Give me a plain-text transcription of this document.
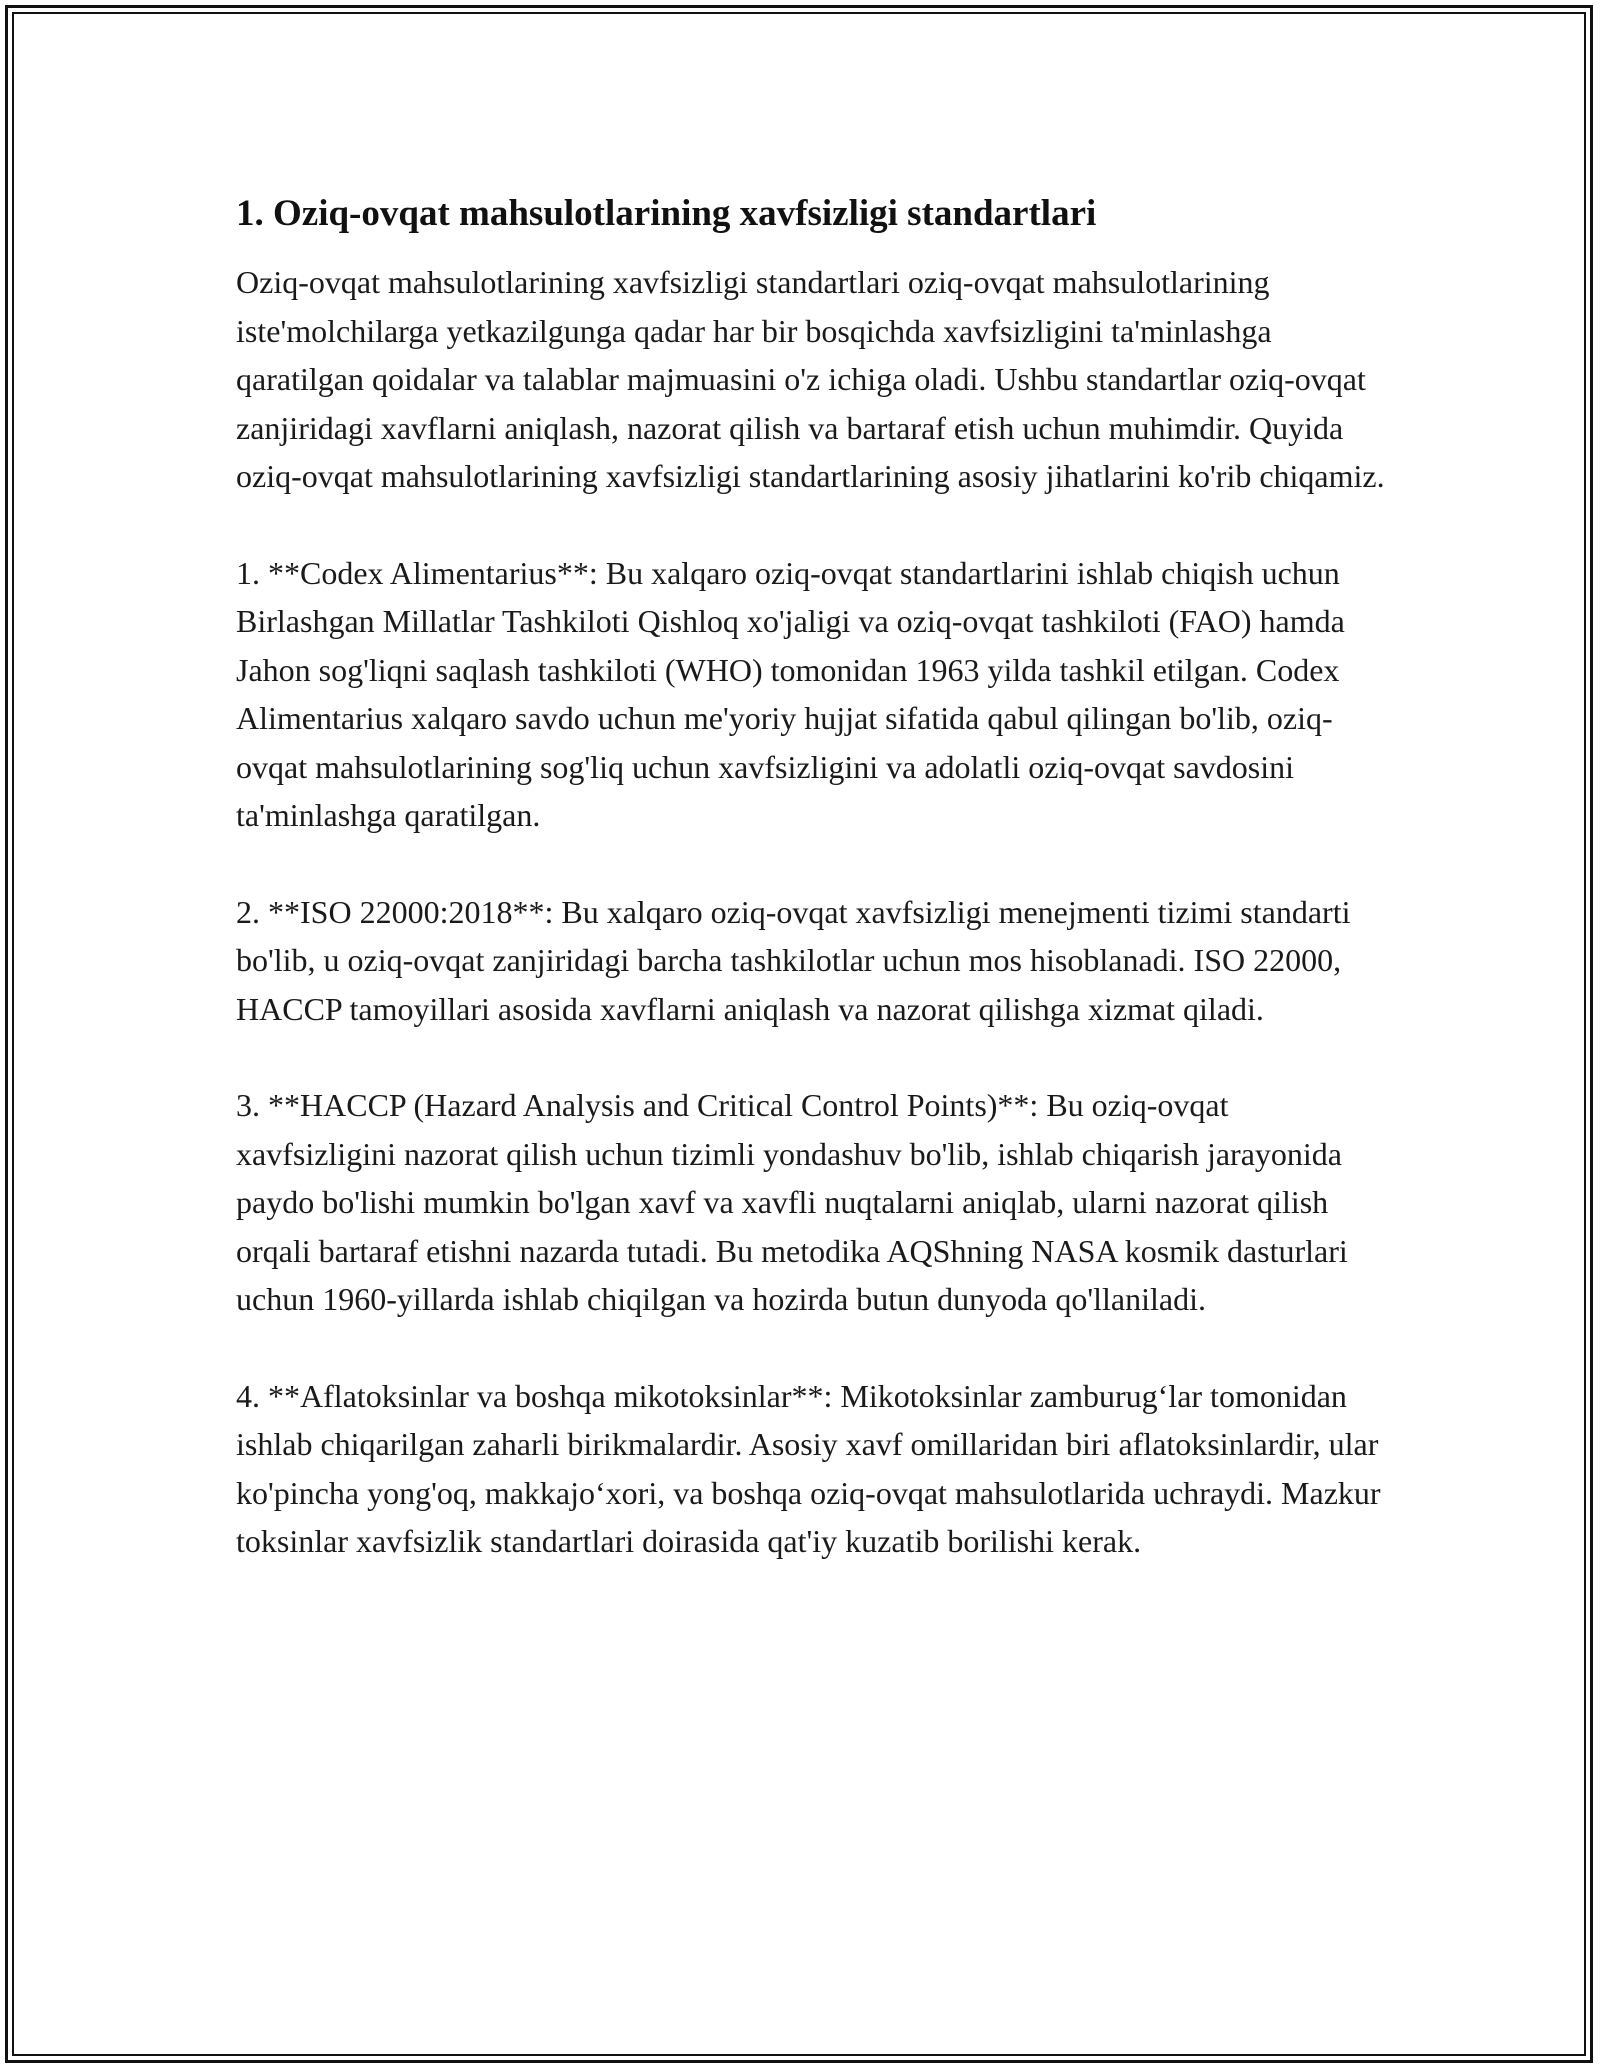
1. Oziq-ovqat mahsulotlarining xavfsizligi standartlari

Oziq-ovqat mahsulotlarining xavfsizligi standartlari oziq-ovqat mahsulotlarining iste'molchilarga yetkazilgunga qadar har bir bosqichda xavfsizligini ta'minlashga qaratilgan qoidalar va talablar majmuasini o'z ichiga oladi. Ushbu standartlar oziq-ovqat zanjiridagi xavflarni aniqlash, nazorat qilish va bartaraf etish uchun muhimdir. Quyida oziq-ovqat mahsulotlarining xavfsizligi standartlarining asosiy jihatlarini ko'rib chiqamiz.

1. **Codex Alimentarius**: Bu xalqaro oziq-ovqat standartlarini ishlab chiqish uchun Birlashgan Millatlar Tashkiloti Qishloq xo'jaligi va oziq-ovqat tashkiloti (FAO) hamda Jahon sog'liqni saqlash tashkiloti (WHO) tomonidan 1963 yilda tashkil etilgan. Codex Alimentarius xalqaro savdo uchun me'yoriy hujjat sifatida qabul qilingan bo'lib, oziq-ovqat mahsulotlarining sog'liq uchun xavfsizligini va adolatli oziq-ovqat savdosini ta'minlashga qaratilgan.

2. **ISO 22000:2018**: Bu xalqaro oziq-ovqat xavfsizligi menejmenti tizimi standarti bo'lib, u oziq-ovqat zanjiridagi barcha tashkilotlar uchun mos hisoblanadi. ISO 22000, HACCP tamoyillari asosida xavflarni aniqlash va nazorat qilishga xizmat qiladi.

3. **HACCP (Hazard Analysis and Critical Control Points)**: Bu oziq-ovqat xavfsizligini nazorat qilish uchun tizimli yondashuv bo'lib, ishlab chiqarish jarayonida paydo bo'lishi mumkin bo'lgan xavf va xavfli nuqtalarni aniqlab, ularni nazorat qilish orqali bartaraf etishni nazarda tutadi. Bu metodika AQShning NASA kosmik dasturlari uchun 1960-yillarda ishlab chiqilgan va hozirda butun dunyoda qo'llaniladi.

4. **Aflatoksinlar va boshqa mikotoksinlar**: Mikotoksinlar zamburug‘lar tomonidan ishlab chiqarilgan zaharli birikmalardir. Asosiy xavf omillaridan biri aflatoksinlardir, ular ko'pincha yong'oq, makkajo‘xori, va boshqa oziq-ovqat mahsulotlarida uchraydi. Mazkur toksinlar xavfsizlik standartlari doirasida qat'iy kuzatib borilishi kerak.
